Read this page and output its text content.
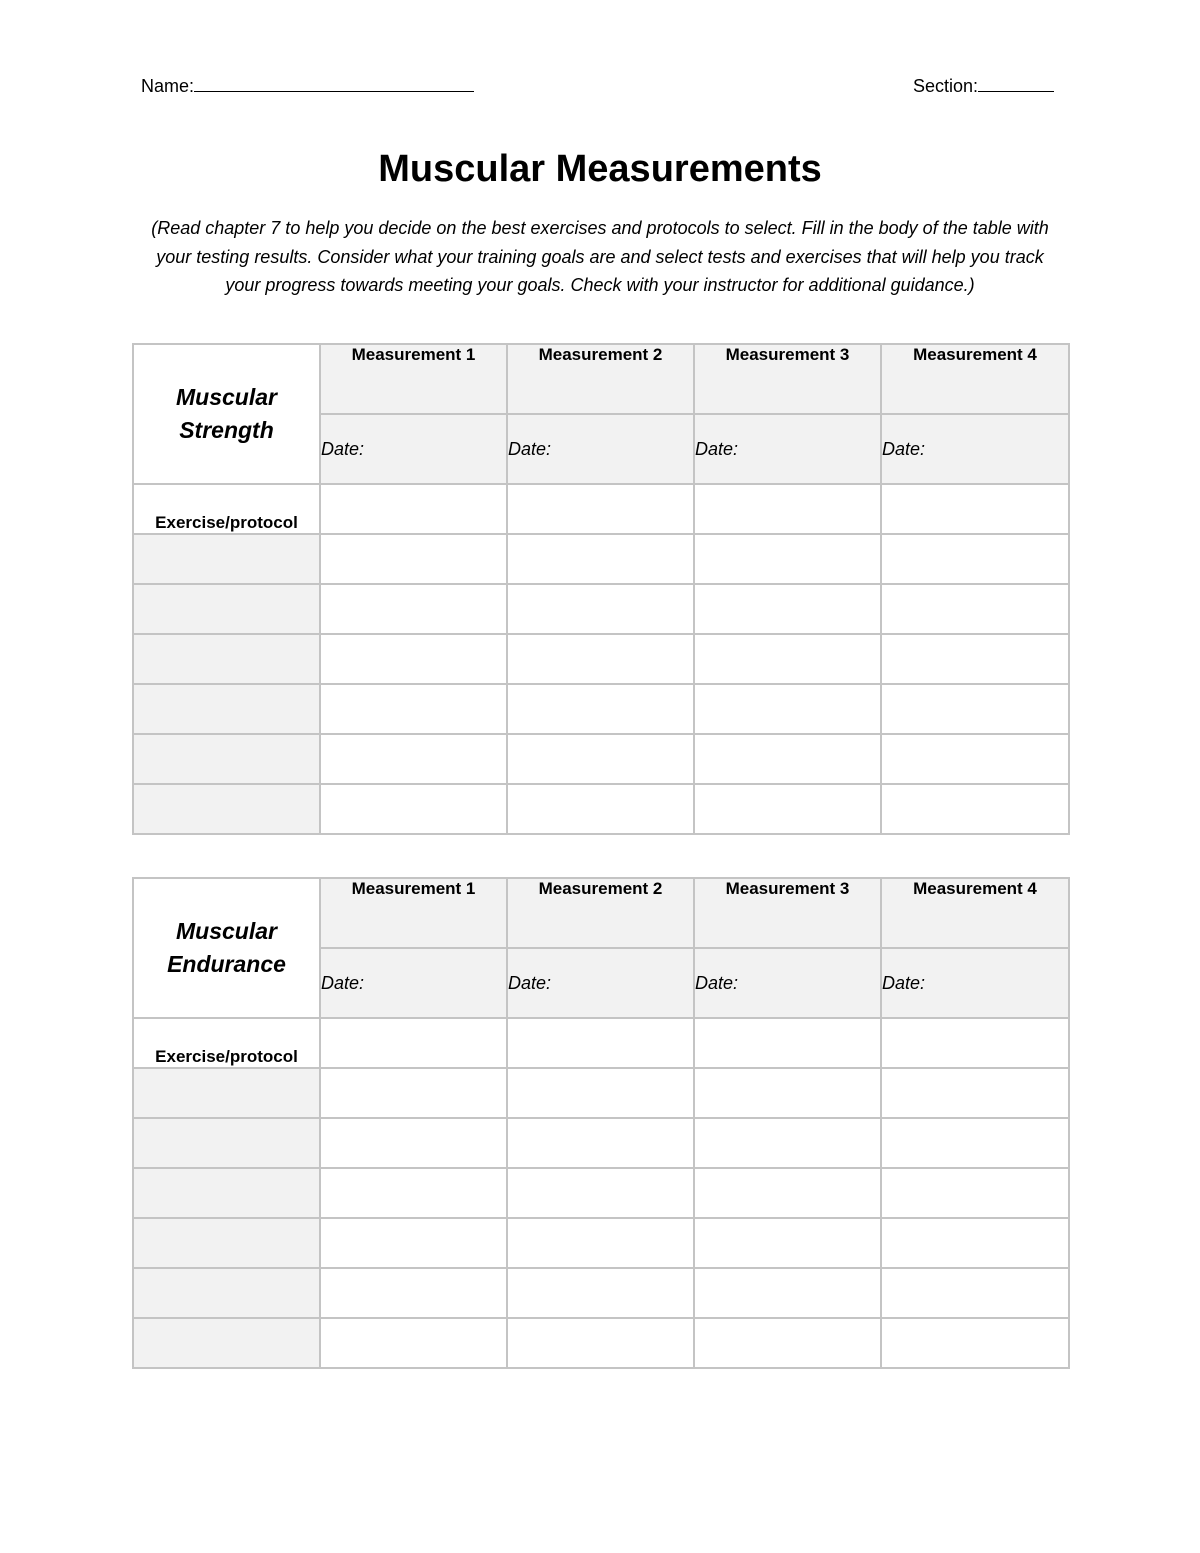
Name:	Section:
Muscular Measurements
(Read chapter 7 to help you decide on the best exercises and protocols to select. Fill in the body of the table with your testing results. Consider what your training goals are and select tests and exercises that will help you track your progress towards meeting your goals. Check with your instructor for additional guidance.)
Muscular
Strength	Measurement 1	Measurement 2	Measurement 3	Measurement 4
	Date:	Date:	Date:	Date:
Exercise/protocol				

Muscular
Endurance	Measurement 1	Measurement 2	Measurement 3	Measurement 4
	Date:	Date:	Date:	Date:
Exercise/protocol				
